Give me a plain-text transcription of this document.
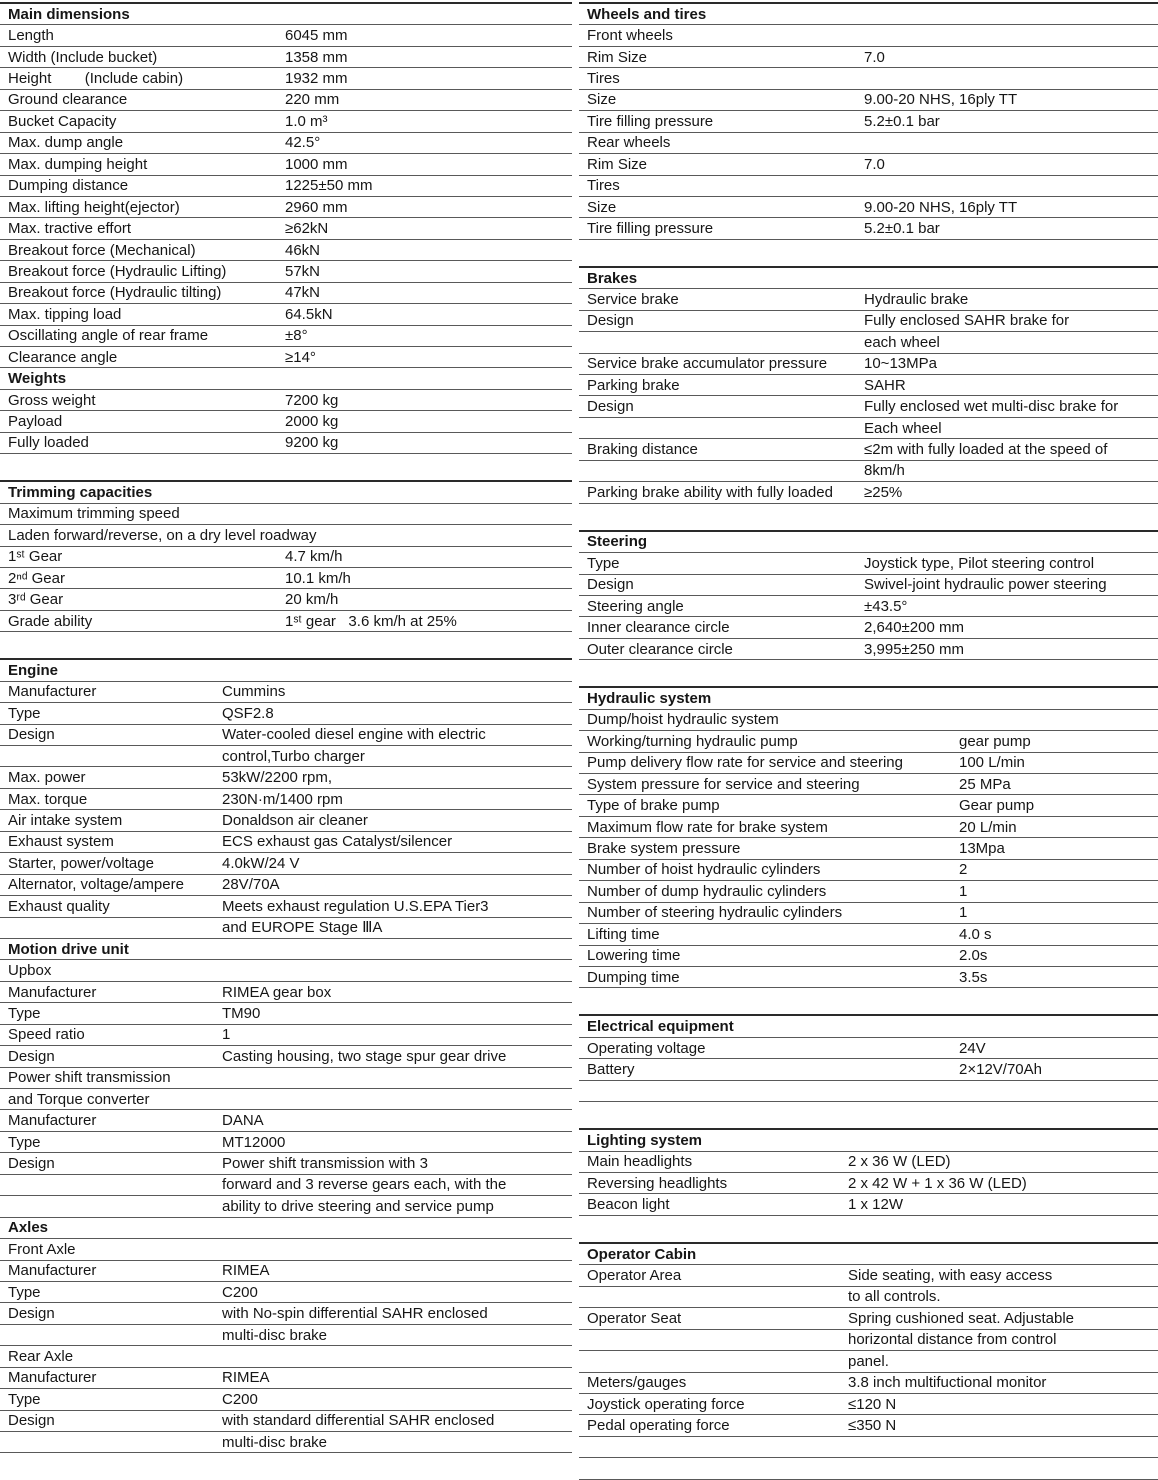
Main dimensions
Length	6045 mm
Width (Include bucket)	1358 mm
Height        (Include cabin)	1932 mm
Ground clearance	220 mm
Bucket Capacity	1.0 m³
Max. dump angle	42.5°
Max. dumping height	1000 mm
Dumping distance	1225±50 mm
Max. lifting height(ejector)	2960 mm
Max. tractive effort	≥62kN
Breakout force (Mechanical)	46kN
Breakout force (Hydraulic Lifting)	57kN
Breakout force (Hydraulic tilting)	47kN
Max. tipping load	64.5kN
Oscillating angle of rear frame	±8°
Clearance angle	≥14°
Weights
Gross weight	7200 kg
Payload	2000 kg
Fully loaded	9200 kg
Trimming capacities
Maximum trimming speed
Laden forward/reverse, on a dry level roadway
1ˢᵗ Gear	4.7 km/h
2ⁿᵈ Gear	10.1 km/h
3ʳᵈ Gear	20 km/h
Grade ability	1ˢᵗ gear   3.6 km/h at 25%
Engine
Manufacturer	Cummins
Type	QSF2.8
Design	Water-cooled diesel engine with electric
control,Turbo charger
Max. power	53kW/2200 rpm,
Max. torque	230N·m/1400 rpm
Air intake system	Donaldson air cleaner
Exhaust system	ECS exhaust gas Catalyst/silencer
Starter, power/voltage	4.0kW/24 V
Alternator, voltage/ampere	28V/70A
Exhaust quality	Meets exhaust regulation U.S.EPA Tier3
and EUROPE Stage ⅢA
Motion drive unit
Upbox
Manufacturer	RIMEA gear box
Type	TM90
Speed ratio	1
Design	Casting housing, two stage spur gear drive
Power shift transmission
and Torque converter
Manufacturer	DANA
Type	MT12000
Design	Power shift transmission with 3
forward and 3 reverse gears each, with the
ability to drive steering and service pump
Axles
Front Axle
Manufacturer	RIMEA
Type	C200
Design	with No-spin differential SAHR enclosed
multi-disc brake
Rear Axle
Manufacturer	RIMEA
Type	C200
Design	with standard differential SAHR enclosed
multi-disc brake
Wheels and tires
Front wheels
Rim Size	7.0
Tires
Size	9.00-20 NHS, 16ply TT
Tire filling pressure	5.2±0.1 bar
Rear wheels
Rim Size	7.0
Tires
Size	9.00-20 NHS, 16ply TT
Tire filling pressure	5.2±0.1 bar
Brakes
Service brake	Hydraulic brake
Design	Fully enclosed SAHR brake for
each wheel
Service brake accumulator pressure	10~13MPa
Parking brake	SAHR
Design	Fully enclosed wet multi-disc brake for
Each wheel
Braking distance	≤2m with fully loaded at the speed of
8km/h
Parking brake ability with fully loaded	≥25%
Steering
Type	Joystick type, Pilot steering control
Design	Swivel-joint hydraulic power steering
Steering angle	±43.5°
Inner clearance circle	2,640±200 mm
Outer clearance circle	3,995±250 mm
Hydraulic system
Dump/hoist hydraulic system
Working/turning hydraulic pump	gear pump
Pump delivery flow rate for service and steering	100 L/min
System pressure for service and steering	25 MPa
Type of brake pump	Gear pump
Maximum flow rate for brake system	20 L/min
Brake system pressure	13Mpa
Number of hoist hydraulic cylinders	2
Number of dump hydraulic cylinders	1
Number of steering hydraulic cylinders	1
Lifting time	4.0 s
Lowering time	2.0s
Dumping time	3.5s
Electrical equipment
Operating voltage	24V
Battery	2×12V/70Ah
Lighting system
Main headlights	2 x 36 W (LED)
Reversing headlights	2 x 42 W + 1 x 36 W (LED)
Beacon light	1 x 12W
Operator Cabin
Operator Area	Side seating, with easy access
to all controls.
Operator Seat	Spring cushioned seat. Adjustable
horizontal distance from control
panel.
Meters/gauges	3.8 inch multifuctional monitor
Joystick operating force	≤120 N
Pedal operating force	≤350 N
